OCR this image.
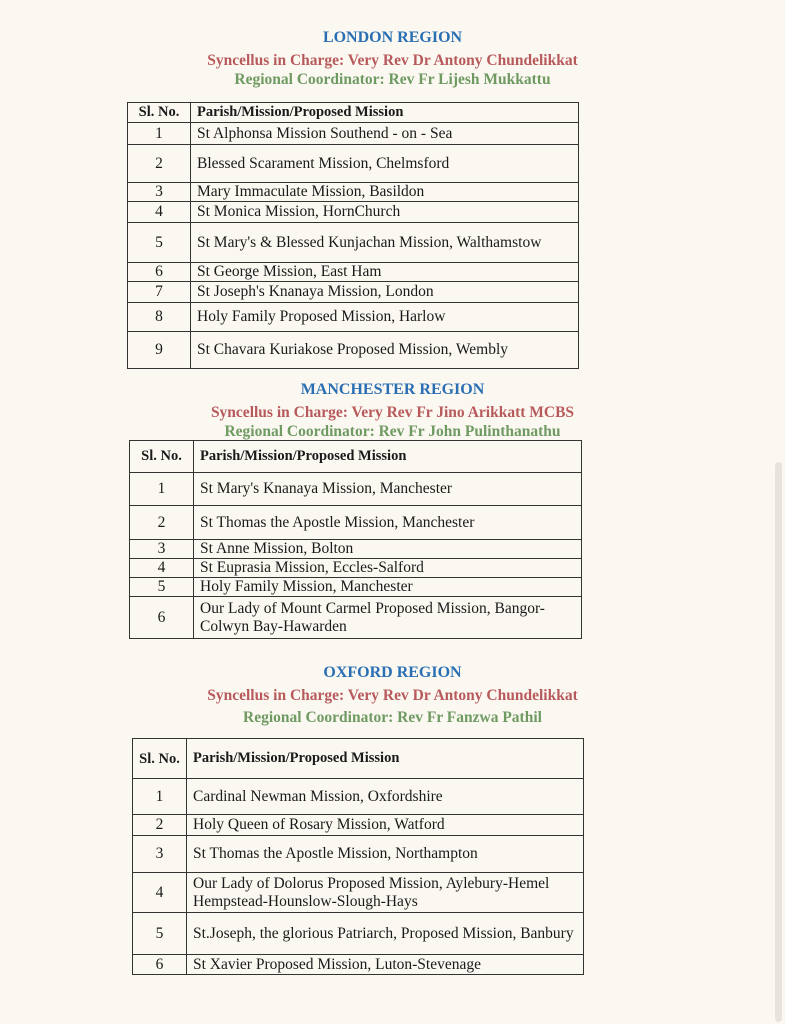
LONDON REGION
Syncellus in Charge: Very Rev Dr Antony Chundelikkat
Regional Coordinator: Rev Fr Lijesh Mukkattu
Sl. No.	Parish/Mission/Proposed Mission
1	St Alphonsa Mission Southend - on - Sea
2	Blessed Scarament Mission, Chelmsford
3	Mary Immaculate Mission, Basildon
4	St Monica Mission, HornChurch
5	St Mary's & Blessed Kunjachan Mission, Walthamstow
6	St George Mission, East Ham
7	St Joseph's Knanaya Mission, London
8	Holy Family Proposed Mission, Harlow
9	St Chavara Kuriakose Proposed Mission, Wembly
MANCHESTER REGION
Syncellus in Charge: Very Rev Fr Jino Arikkatt MCBS
Regional Coordinator: Rev Fr John Pulinthanathu
Sl. No.	Parish/Mission/Proposed Mission
1	St Mary's Knanaya Mission, Manchester
2	St Thomas the Apostle Mission, Manchester
3	St Anne Mission, Bolton
4	St Euprasia Mission, Eccles-Salford
5	Holy Family Mission, Manchester
6	Our Lady of Mount Carmel Proposed Mission, Bangor- Colwyn Bay-Hawarden
OXFORD REGION
Syncellus in Charge: Very Rev Dr Antony Chundelikkat
Regional Coordinator: Rev Fr Fanzwa Pathil
Sl. No.	Parish/Mission/Proposed Mission
1	Cardinal Newman Mission, Oxfordshire
2	Holy Queen of Rosary Mission, Watford
3	St Thomas the Apostle Mission, Northampton
4	Our Lady of Dolorus Proposed Mission, Aylebury-Hemel Hempstead-Hounslow-Slough-Hays
5	St.Joseph, the glorious Patriarch, Proposed Mission, Banbury
6	St Xavier Proposed Mission, Luton-Stevenage
